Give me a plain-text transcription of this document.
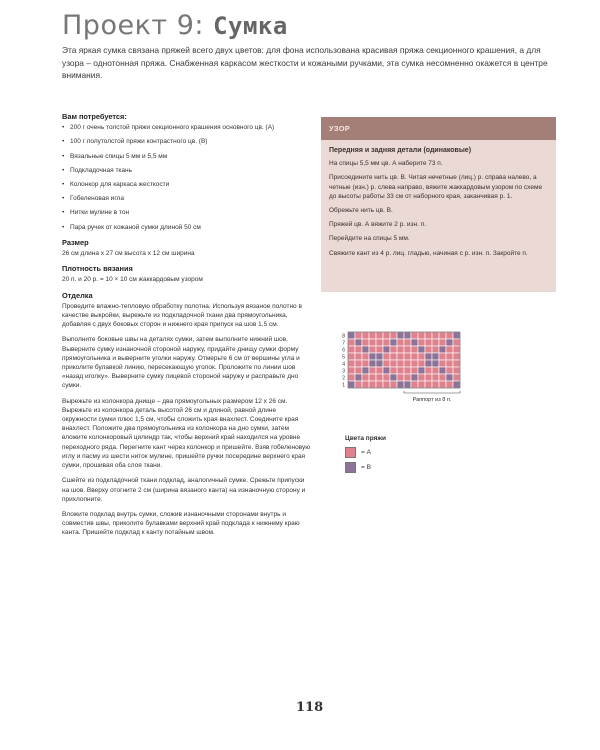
Проект 9: Сумка
Эта яркая сумка связана пряжей всего двух цветов: для фона использована красивая пряжа секционного крашения, а для узора – однотонная пряжа. Снабженная каркасом жесткости и кожаными ручками, эта сумка несомненно окажется в центре внимания.
Вам потребуется:
• 200 г очень толстой пряжи секционного крашения основного цв. (А)
• 100 г полутолстой пряжи контрастного цв. (В)
• Вязальные спицы 5 мм и 5,5 мм
• Подкладочная ткань
• Колонкор для каркаса жесткости
• Гобеленовая игла
• Нитки мулине в тон
• Пара ручек от кожаной сумки длиной 50 см
Размер
26 см длина х 27 см высота х 12 см ширина
Плотность вязания
20 п. и 20 р. = 10 × 10 см жаккардовым узором
Отделка

Проведите влажно-тепловую обработку полотна. Используя вязаное полотно в качестве выкройки, вырежьте из подкладочной ткани два прямоугольника, добавляя с двух боковых сторон и нижнего края припуск на шов 1,5 см.

Выполните боковые швы на деталях сумки, затем выполните нижний шов. Выверните сумку изнаночной стороной наружу, придайте днищу сумки форму прямоугольника и выверните уголки наружу. Отмерьте 6 см от вершины угла и приколите булавкой линию, пересекающую уголок. Проложите по линии шов «назад иголку». Выверните сумку лицевой стороной наружу и расправьте дно сумки.

Вырежьте из колонкора днище – два прямоугольных размером 12 х 26 см. Вырежьте из колонкора деталь высотой 26 см и длиной, равной длине окружности сумки плюс 1,5 см, чтобы сложить края внахлест. Соедините края внахлест. Положите два прямоугольника из колонкора на дно сумки, затем вложите колонкоровый цилиндр так, чтобы верхний край находился на уровне переходного ряда. Перегните кант через колонкор и пришейте. Взяв гобеленовую иглу и пасму из шести ниток мулине, пришейте ручки посередине верхнего края сумки, прошивая оба слоя ткани.

Сшейте из подкладочной ткани подклад, аналогичный сумке. Срежьте припуски на шов. Вверху отогните 2 см (ширина вязаного канта) на изнаночную сторону и прихлопните.

Вложите подклад внутрь сумки, сложив изнаночными сторонами внутрь и совместив швы, приколите булавками верхний край подклада к нижнему краю канта. Пришейте подклад к канту потайным швом.

УЗОР
Передняя и задняя детали (одинаковые)

На спицы 5,5 мм цв. А наберите 73 п.

Присоедините нить цв. В. Читая нечетные (лиц.) р. справа налево, а четные (изн.) р. слева направо, вяжите жаккардовым узором по схеме до высоты работы 33 см от наборного края, заканчивая р. 1.

Обрежьте нить цв. В.

Пряжей цв. А вяжите 2 р. изн. п.

Перейдите на спицы 5 мм.

Свяжите кант из 4 р. лиц. гладью, начиная с р. изн. п. Закройте п.

8
7
6
5
4
3
2
1
Раппорт из 8 п.
Цвета пряжи
= А
= В
118
